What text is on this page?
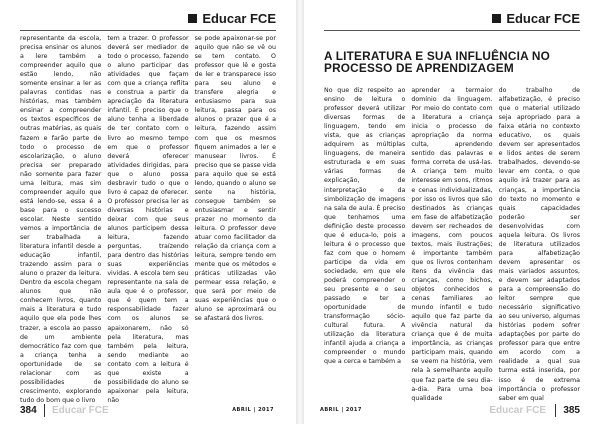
Educar FCE

representante da escola, precisa ensinar os alunos a lere também a compreender aquilo que estão lendo, não somente ensinar a ler as palavras contidas nas histórias, mas também ensinar a compreender os textos específicos de outras matérias, as quais fazem e farão parte de todo o processo de escolarização, o aluno precisa ser preparado não somente para fazer uma leitura, mas sim compreender aquilo que está lendo-se, essa é a base para o sucesso escolar. Neste sentido vemos a importância de ser trabalhada a literatura infantil desde a educação infantil, trazendo assim para o aluno o prazer da leitura. Dentro da escola chegam alunos que não conhecem livros, quanto mais a literatura e tudo aquilo que ela pode lhes trazer, a escola ao passo de um ambiente democrático faz com que a criança tenha a oportunidade de se relacionar com as possibilidades de crescimento, explorando tudo do bom que o livro

tem a trazer. O professor deverá ser mediador de todo o processo, fazendo o aluno participar das atividades que façam com que a criança reflita e construa a partir da apreciação da literatura infantil. É preciso que o aluno tenha a liberdade de ter contato com o livro ao mesmo tempo em que o professor deverá oferecer atividades dirigidas, para que o aluno possa desbravir tudo o que o livro é capaz de oferecer. O professor precisa ler as diversas histórias e deixar com que seus alunos participem dessa leitura, fazendo perguntas, traízendo para dentro das histórias suas experiências vividas. A escola tem seu representante na sala de aula que é o professor, que é quem tem a responsabilidade fazer com os alunos se apaixonarem, não só pela literatura, mas também pela leitura, sendo mediante ao contato com a leitura é que existe a possibilidade do aluno se apaixonar pela leitura, não

se pode apaixonar-se por aquilo que não se vê ou se tem contato. O professor que lê e gosta de ler e transparece isso para seu aluno e transfere alegria e entusiasmo para sua leitura, passa para os alunos o prazer que é a leitura, fazendo assim com que os mesmos fiquem animados a ler e manusear livros. É preciso que se passe vida para aquilo que se está lendo, quando o aluno se sente na história, consegue também se entusiasmar e sentir prazer no momento da leitura. O professor deve atuar como facilitador da relação da criança com a leitura, sempre tendo em mente que os métodos e práticas utilizadas vão permear essa relação, e que será por meio de suas experiências que o aluno se aproximará ou se afastará dos livros.

384 Educar FCE	ABRIL | 2017
Educar FCE
A LITERATURA E SUA INFLUÊNCIA NO PROCESSO DE APRENDIZAGEM

No que diz respeito ao ensino de leitura o professor deverá utilizar diversas formas de linguagem, tendo em vista, que as crianças adquirem as múltiplas linguagens, de maneira estruturada e em suas várias formas de explicação, de interpretação e da simbolização de imagens na sala de aula. É preciso que tenhamos uma definição deste processo que é educa-lo, pois a leitura é o processo que faz com que o homem participe da vida em sociedade, em que ele poderá compreender o seu presente e o seu passado e ter a oportunidade de transformação sócio-cultural futura. A utilização da literatura infantil ajuda a criança a compreender o mundo que a cerca e também a

aprender a termaior domínio da linguagem. Por meio do contato com a literatura a criança inicia o processo de apropriação da norma culta, aprendendo sentido das palavras e forma correta de usá-las. A criança tem muito interesse em sons, ritmos e cenas individualizadas, por isso os livros que são destinados às crianças em fase de alfabetização devem ser recheados de imagens, com poucos textos, mais ilustrações; é importante também que os livros contenham itens da vivência das crianças, como bichos, objetos conhecidos e cenas familiares ao mundo infantil e tudo aquilo que faz parte da vivência natural da criança que é de muita importância, as crianças participam mais, quando se veem na história, vem rela à semelhante aquilo que faz parte de seu dia-a-dia. Para uma boa qualidade

do trabalho de alfabetização, é preciso que o material utilizado seja apropriado para a faixa etária no contexto educativo, os quais devem ser apresentados e lidos antes de serem trabalhados, devendo-se levar em conta, o que aquilo irá trazer para as crianças, a importância do texto no momento e quais capacidades poderão ser desenvolvidas com aquela leitura. Os livros de literatura utilizados para alfabetização devem apresentar os mais variados assuntos, e devem ser adaptados para a compreensão do leitor sempre que necessário significativo ao seu universo, algumas histórias podem sofrer adaptações por parte do professor para que entre em acordo com a realidade a qual sua turma está inserida, por isso é de extrema importância o professor saber em qual

ABRIL | 2017	Educar FCE 385
